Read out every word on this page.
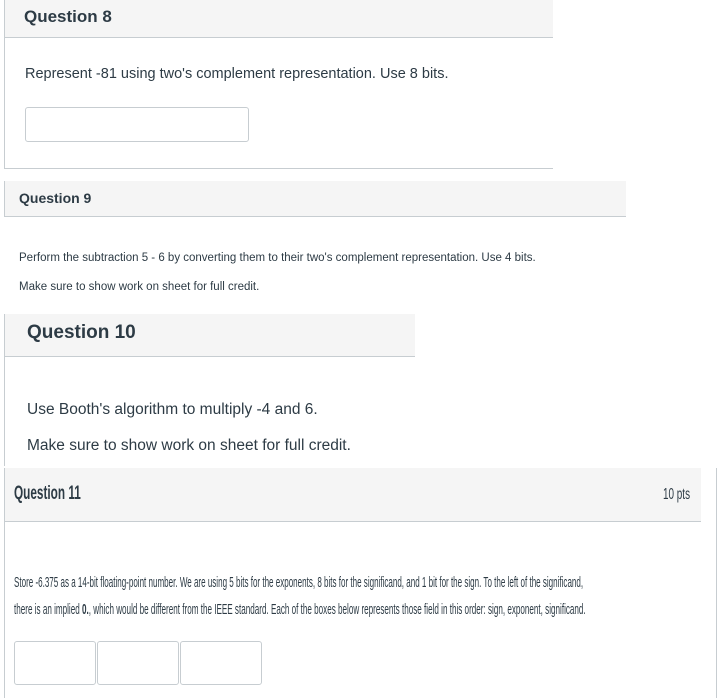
Question 8
Represent -81 using two's complement representation. Use 8 bits.
Question 9
Perform the subtraction 5 - 6 by converting them to their two's complement representation. Use 4 bits.
Make sure to show work on sheet for full credit.
Question 10
Use Booth's algorithm to multiply -4 and 6.
Make sure to show work on sheet for full credit.
Question 11	10 pts
Store -6.375 as a 14-bit floating-point number. We are using 5 bits for the exponents, 8 bits for the significand, and 1 bit for the sign. To the left of the significand,
there is an implied 0., which would be different from the IEEE standard. Each of the boxes below represents those field in this order: sign, exponent, significand.
